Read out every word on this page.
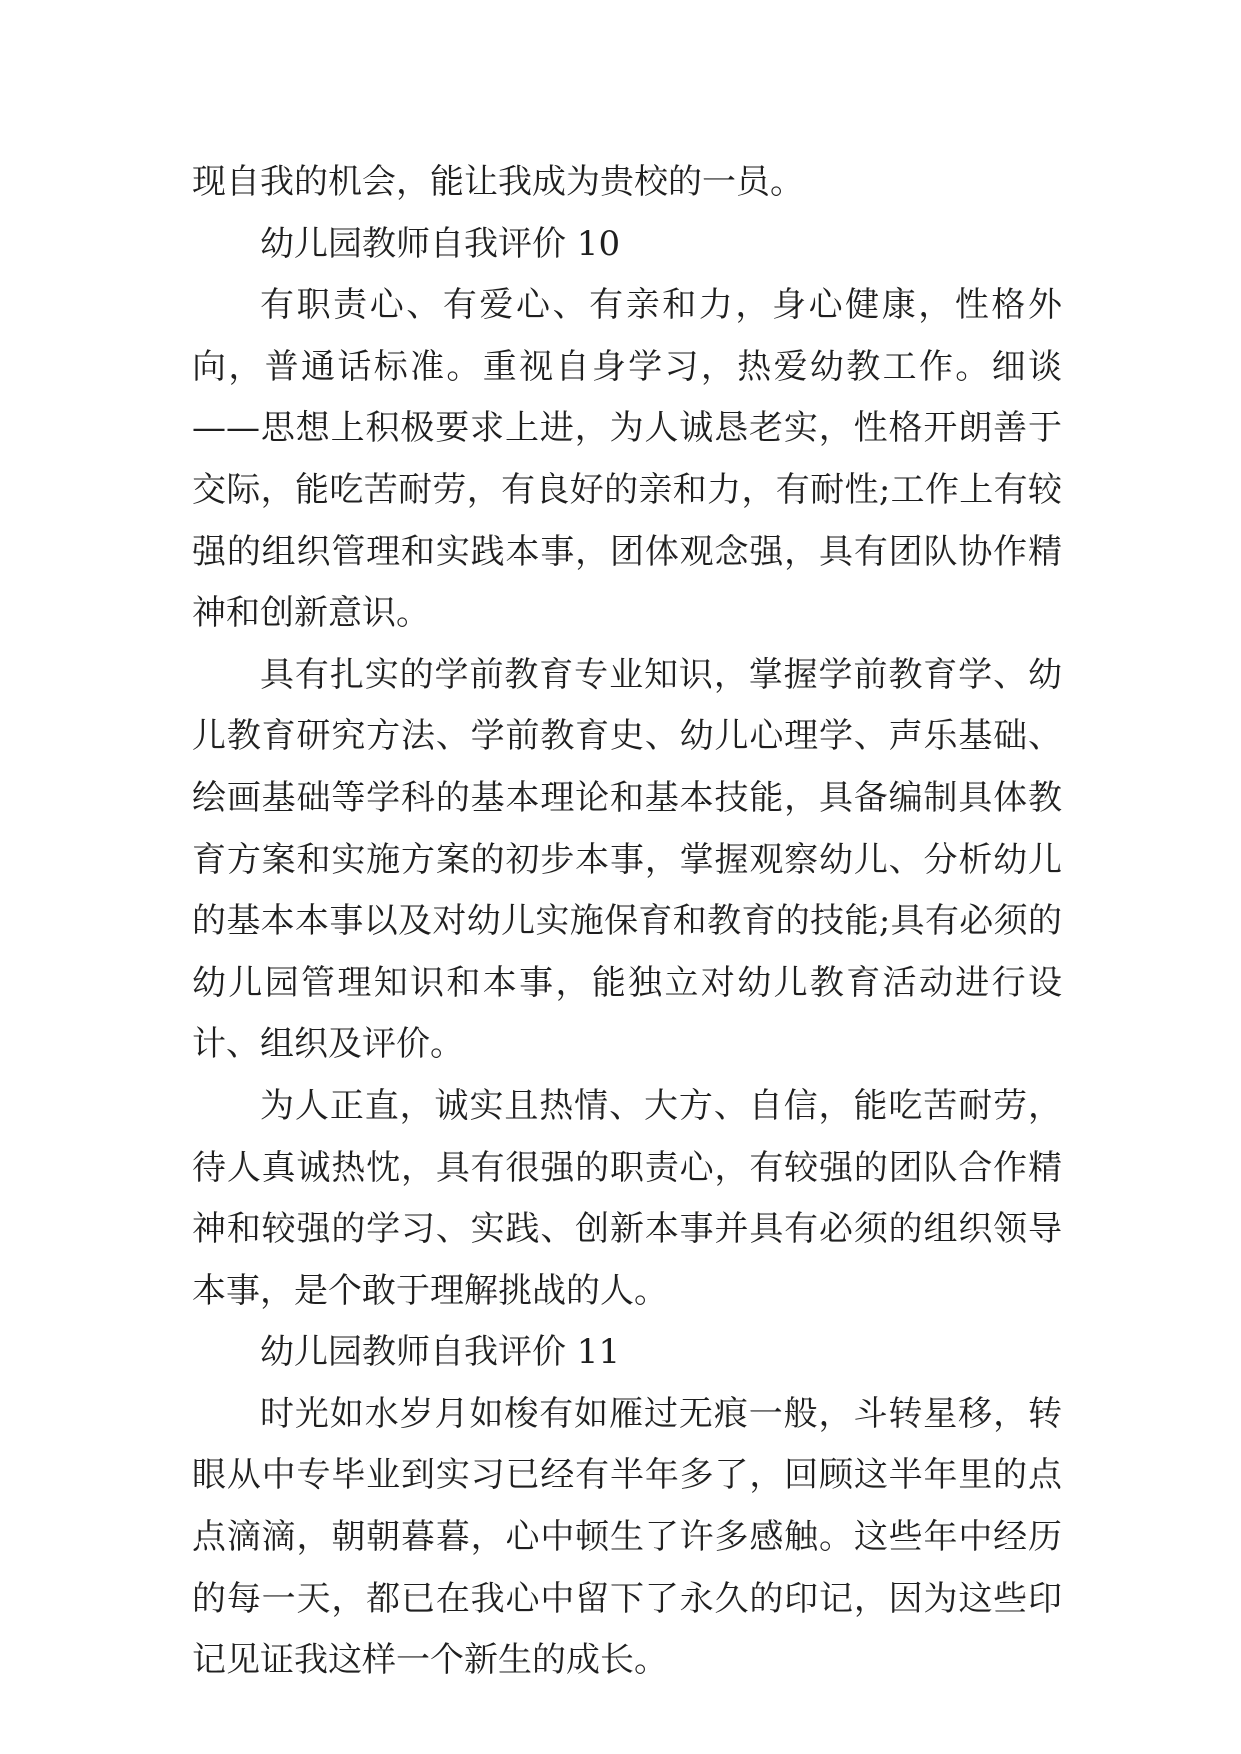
现自我的机会，能让我成为贵校的一员。

幼儿园教师自我评价 10

有职责心、有爱心、有亲和力，身心健康，性格外向，普通话标准。重视自身学习，热爱幼教工作。细谈——思想上积极要求上进，为人诚恳老实，性格开朗善于交际，能吃苦耐劳，有良好的亲和力，有耐性;工作上有较强的组织管理和实践本事，团体观念强，具有团队协作精神和创新意识。

具有扎实的学前教育专业知识，掌握学前教育学、幼儿教育研究方法、学前教育史、幼儿心理学、声乐基础、绘画基础等学科的基本理论和基本技能，具备编制具体教育方案和实施方案的初步本事，掌握观察幼儿、分析幼儿的基本本事以及对幼儿实施保育和教育的技能;具有必须的幼儿园管理知识和本事，能独立对幼儿教育活动进行设计、组织及评价。

为人正直，诚实且热情、大方、自信，能吃苦耐劳，待人真诚热忱，具有很强的职责心，有较强的团队合作精神和较强的学习、实践、创新本事并具有必须的组织领导本事，是个敢于理解挑战的人。

幼儿园教师自我评价 11

时光如水岁月如梭有如雁过无痕一般，斗转星移，转眼从中专毕业到实习已经有半年多了，回顾这半年里的点点滴滴，朝朝暮暮，心中顿生了许多感触。这些年中经历的每一天，都已在我心中留下了永久的印记，因为这些印记见证我这样一个新生的成长。
